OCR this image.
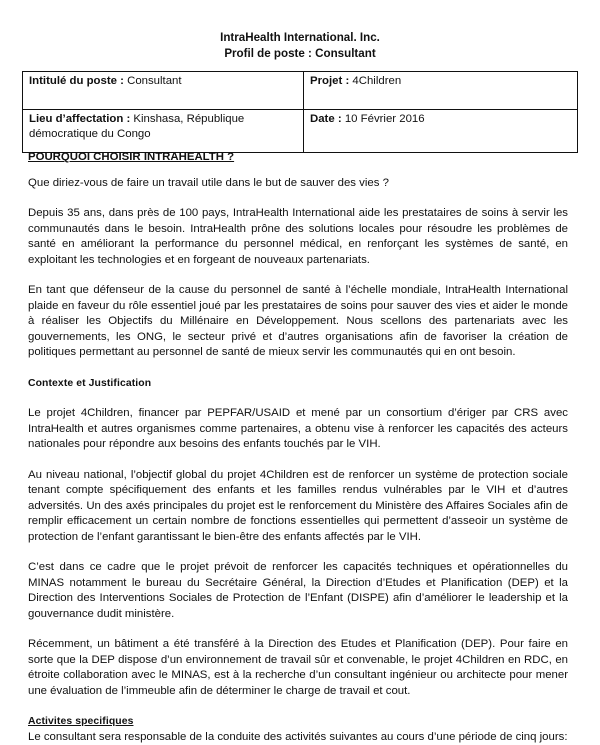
IntraHealth International. Inc.
Profil de poste : Consultant
Intitulé du poste : Consultant	Projet : 4Children
Lieu d’affectation : Kinshasa, République démocratique du Congo	Date : 10 Février 2016

POURQUOI CHOISIR INTRAHEALTH ?

Que diriez-vous de faire un travail utile dans le but de sauver des vies ?

Depuis 35 ans, dans près de 100 pays, IntraHealth International aide les prestataires de soins à servir les communautés dans le besoin. IntraHealth prône des solutions locales pour résoudre les problèmes de santé en améliorant la performance du personnel médical, en renforçant les systèmes de santé, en exploitant les technologies et en forgeant de nouveaux partenariats.

En tant que défenseur de la cause du personnel de santé à l’échelle mondiale, IntraHealth International plaide en faveur du rôle essentiel joué par les prestataires de soins pour sauver des vies et aider le monde à réaliser les Objectifs du Millénaire en Développement. Nous scellons des partenariats avec les gouvernements, les ONG, le secteur privé et d’autres organisations afin de favoriser la création de politiques permettant au personnel de santé de mieux servir les communautés qui en ont besoin.

Contexte et Justification

Le projet 4Children, financer par PEPFAR/USAID et mené par un consortium d’ériger par CRS avec IntraHealth et autres organismes comme partenaires, a obtenu vise à renforcer les capacités des acteurs nationales pour répondre aux besoins des enfants touchés par le VIH.

Au niveau national, l’objectif global du projet 4Children est de renforcer un système de protection sociale tenant compte spécifiquement des enfants et les familles rendus vulnérables par le VIH et d’autres adversités. Un des axés principales du projet est le renforcement du Ministère des Affaires Sociales afin de remplir efficacement un certain nombre de fonctions essentielles qui permettent d’asseoir un système de protection de l’enfant garantissant le bien-être des enfants affectés par le VIH.

C’est dans ce cadre que le projet prévoit de renforcer les capacités techniques et opérationnelles du MINAS notamment le bureau du Secrétaire Général, la Direction d’Etudes et Planification (DEP) et la Direction des Interventions Sociales de Protection de l’Enfant (DISPE) afin d’améliorer le leadership et la gouvernance dudit ministère.

Récemment, un bâtiment a été transféré à la Direction des Etudes et Planification (DEP). Pour faire en sorte que la DEP dispose d’un environnement de travail sûr et convenable, le projet 4Children en RDC, en étroite collaboration avec le MINAS, est à la recherche d’un consultant ingénieur ou architecte pour mener une évaluation de l’immeuble afin de déterminer le charge de travail et cout.

Activites specifiques

Le consultant sera responsable de la conduite des activités suivantes au cours d’une période de cinq jours:
